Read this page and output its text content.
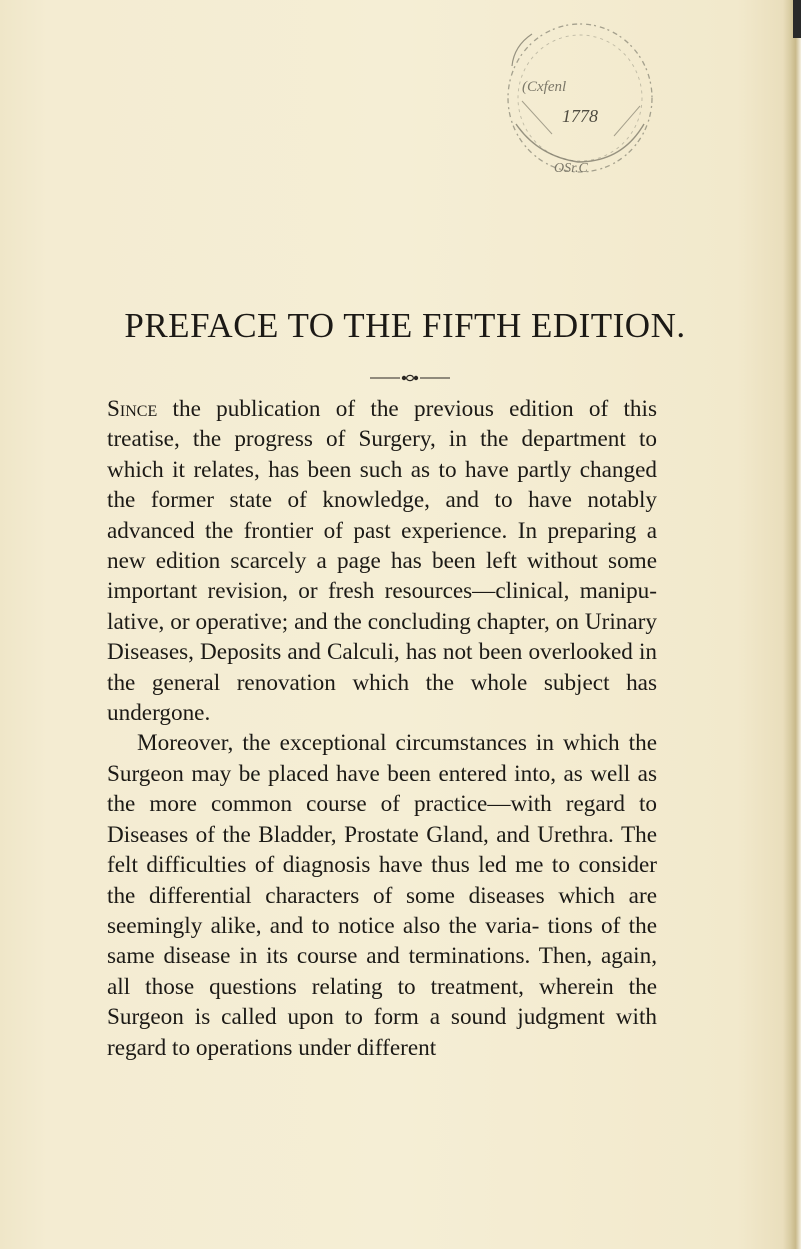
(Cxfenl
1778
OSr.C
PREFACE TO THE FIFTH EDITION.

Since the publication of the previous edition of this treatise, the progress of Surgery, in the department to which it relates, has been such as to have partly changed the former state of knowledge, and to have notably advanced the frontier of past experience. In preparing a new edition scarcely a page has been left without some important revision, or fresh resources—clinical, manipu- lative, or operative; and the concluding chapter, on Urinary Diseases, Deposits and Calculi, has not been overlooked in the general renovation which the whole subject has undergone.

Moreover, the exceptional circumstances in which the Surgeon may be placed have been entered into, as well as the more common course of practice—with regard to Diseases of the Bladder, Prostate Gland, and Urethra. The felt difficulties of diagnosis have thus led me to consider the differential characters of some diseases which are seemingly alike, and to notice also the varia- tions of the same disease in its course and terminations. Then, again, all those questions relating to treatment, wherein the Surgeon is called upon to form a sound judgment with regard to operations under different
